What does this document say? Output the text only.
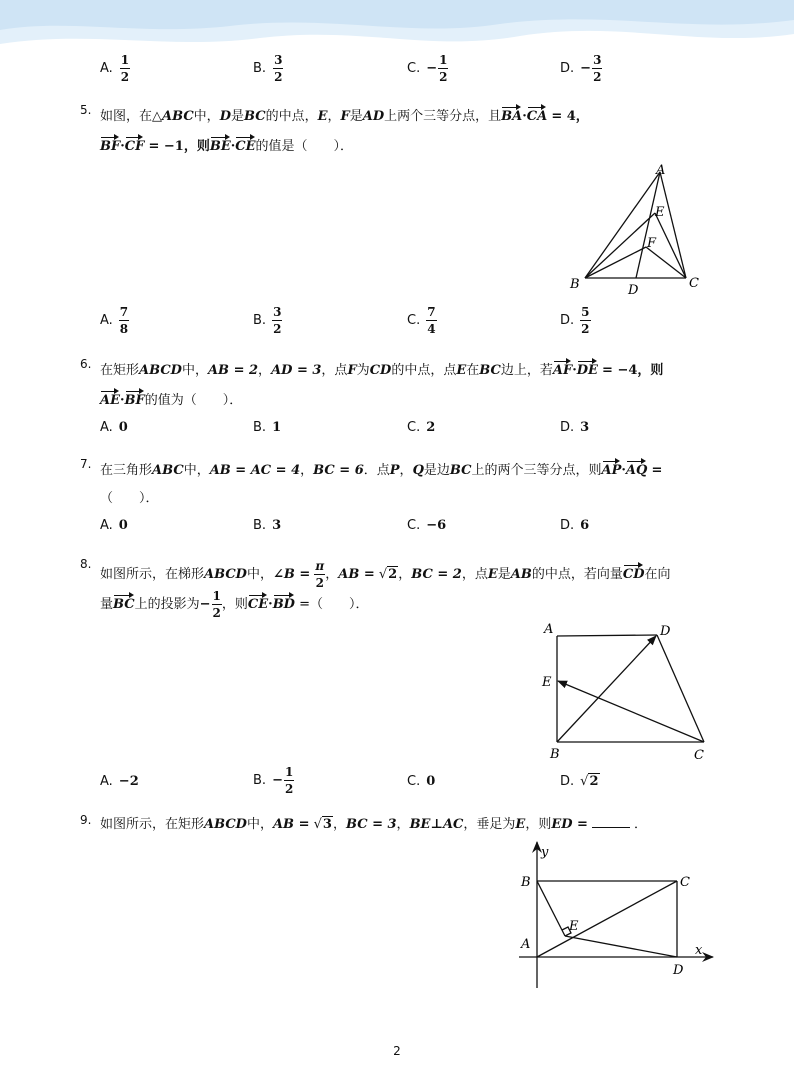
A. $\frac{1}{2}$	B. $\frac{3}{2}$	C. − $\frac{1}{2}$	D. − $\frac{3}{2}$
5. 如图，在△ABC中，D是BC的中点，E，F是AD上两个三等分点，且BA·CA = 4，
BF·CF = −1，则BE·CE的值是（　　）．
A
E
F
B	D	C
A. $\frac{7}{8}$	B. $\frac{3}{2}$	C. $\frac{7}{4}$	D. $\frac{5}{2}$
6. 在矩形ABCD中，AB = 2，AD = 3，点F为CD的中点，点E在BC边上，若AF·DE = −4，则
AE·BF的值为（　　）．
A. 0	B. 1	C. 2	D. 3
7. 在三角形ABC中，AB = AC = 4，BC = 6．点P，Q是边BC上的两个三等分点，则AP·AQ =
（　　）．
A. 0	B. 3	C. −6	D. 6
8.
如图所示，在梯形ABCD中，∠B = $\frac{\pi}{2}$ ，AB = √2，BC = 2，点E是AB的中点，若向量CD在向
量BC上的投影为− $\frac{1}{2}$ ，则CE·BD =（　　）．
A	D
E
B	C
A. −2	B. − $\frac{1}{2}$	C. 0	D. √2
9. 如图所示，在矩形ABCD中，AB = √3，BC = 3，BE⊥AC，垂足为E，则ED =	．
y
x
B	C
E
A
D
2
